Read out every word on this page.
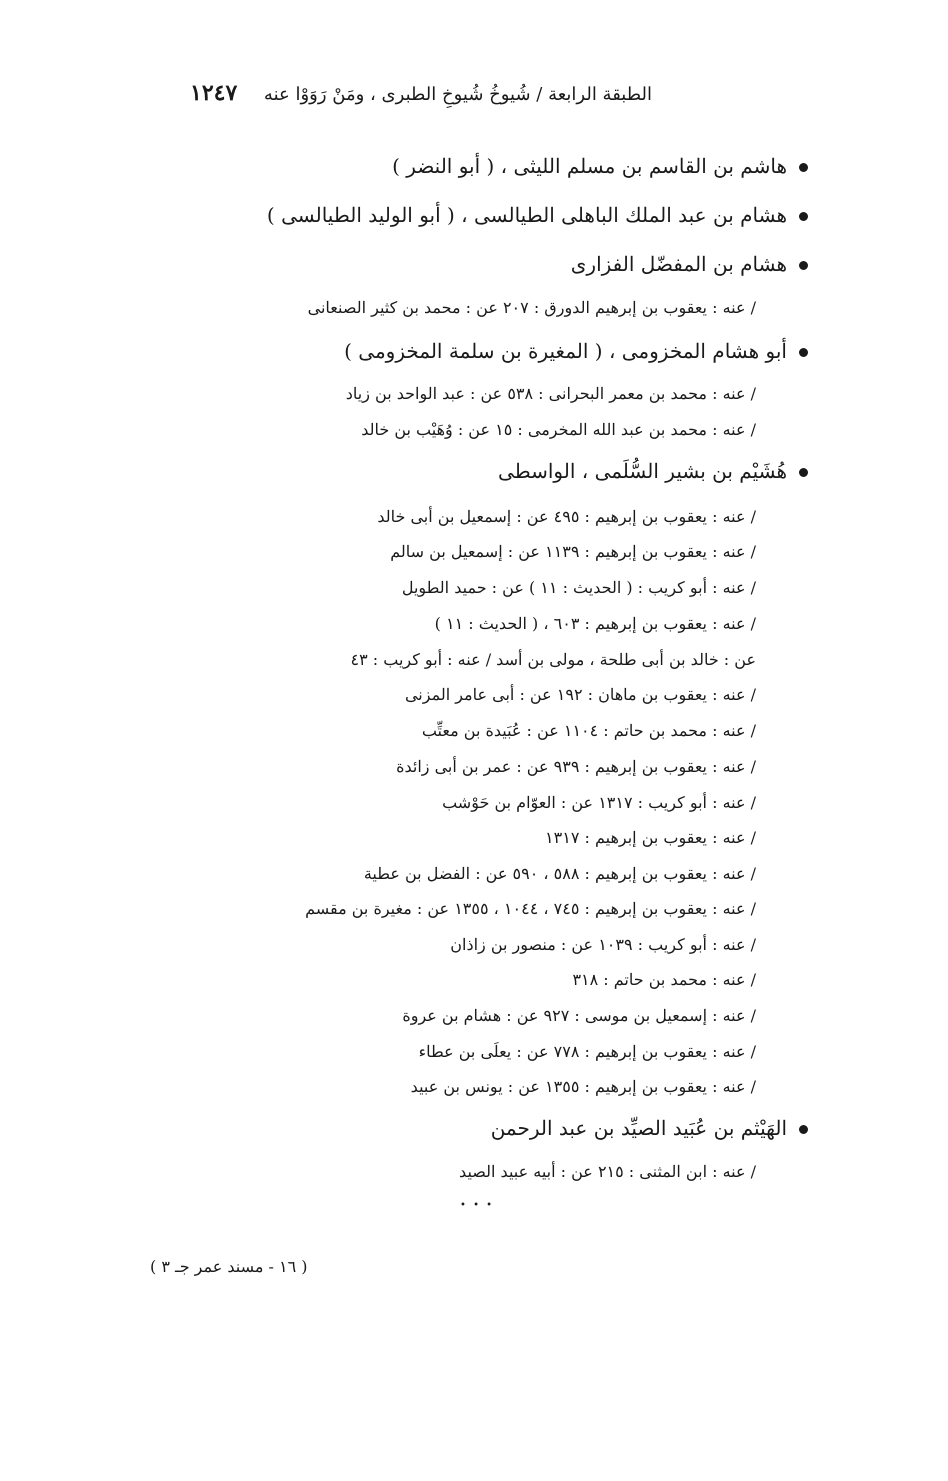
الطبقة الرابعة / شُيوخُ شُيوخِ الطبرى ، ومَنْ رَوَوْا عنه
١٢٤٧
هاشم بن القاسم بن مسلم الليثى ، ( أبو النضر )
هشام بن عبد الملك الباهلى الطيالسى ، ( أبو الوليد الطيالسى )
هشام بن المفضّل الفزارى
عن : محمد بن كثير الصنعانى / عنه : يعقوب بن إبرهيم الدورق : ٢٠٧
أبو هشام المخزومى ، ( المغيرة بن سلمة المخزومى )
عن : عبد الواحد بن زياد / عنه : محمد بن معمر البحرانى : ٥٣٨
عن : وُهَيْب بن خالد / عنه : محمد بن عبد الله المخرمى : ١٥
هُشَيْم بن بشير السُّلَمى ، الواسطى
عن : إسمعيل بن أبى خالد / عنه : يعقوب بن إبرهيم : ٤٩٥
عن : إسمعيل بن سالم / عنه : يعقوب بن إبرهيم : ١١٣٩
عن : حميد الطويل / عنه : أبو كريب : ( الحديث : ١١ )
/ عنه : يعقوب بن إبرهيم : ٦٠٣ ، ( الحديث : ١١ )
عن : خالد بن أبى طلحة ، مولى بن أسد / عنه : أبو كريب : ٤٣
عن : أبى عامر المزنى / عنه : يعقوب بن ماهان : ١٩٢
عن : عُبَيدة بن معتِّب / عنه : محمد بن حاتم : ١١٠٤
عن : عمر بن أبى زائدة / عنه : يعقوب بن إبرهيم : ٩٣٩
عن : العوّام بن حَوْشب / عنه : أبو كريب : ١٣١٧
/ عنه : يعقوب بن إبرهيم : ١٣١٧
عن : الفضل بن عطية / عنه : يعقوب بن إبرهيم : ٥٨٨ ، ٥٩٠
عن : مغيرة بن مقسم / عنه : يعقوب بن إبرهيم : ٧٤٥ ، ١٠٤٤ ، ١٣٥٥
عن : منصور بن زاذان / عنه : أبو كريب : ١٠٣٩
/ عنه : محمد بن حاتم : ٣١٨
عن : هشام بن عروة / عنه : إسمعيل بن موسى : ٩٢٧
عن : يعلَى بن عطاء / عنه : يعقوب بن إبرهيم : ٧٧٨
عن : يونس بن عبيد / عنه : يعقوب بن إبرهيم : ١٣٥٥
الهَيْثم بن عُبَيد الصيِّد بن عبد الرحمن
عن : أبيه عبيد الصيد / عنه : ابن المثنى : ٢١٥
• • •
( ١٦ - مسند عمر جـ ٣ )
